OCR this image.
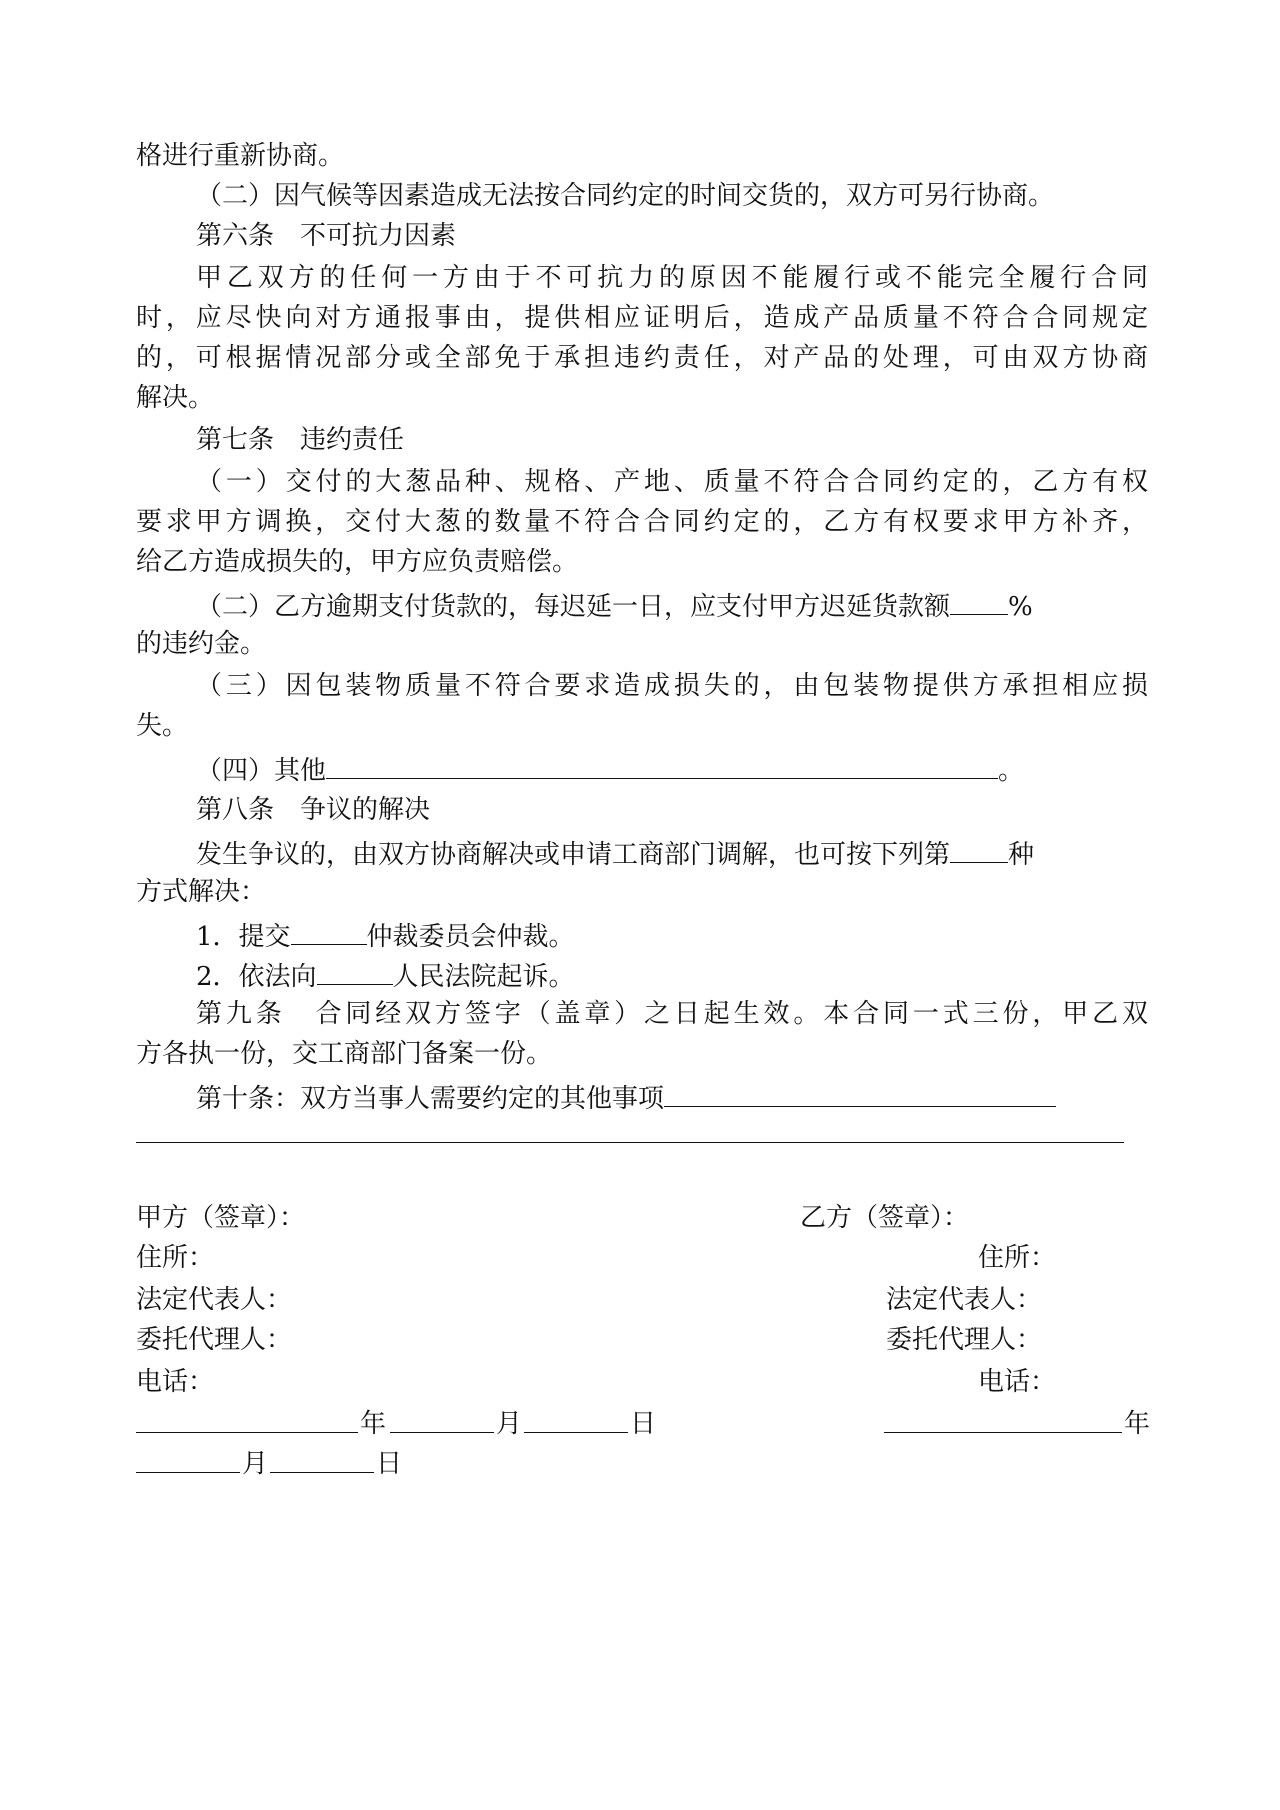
格进行重新协商。
（二）因气候等因素造成无法按合同约定的时间交货的，双方可另行协商。
第六条　不可抗力因素
甲乙双方的任何一方由于不可抗力的原因不能履行或不能完全履行合同
时，应尽快向对方通报事由，提供相应证明后，造成产品质量不符合合同规定
的，可根据情况部分或全部免于承担违约责任，对产品的处理，可由双方协商
解决。
第七条　违约责任
（一）交付的大葱品种、规格、产地、质量不符合合同约定的，乙方有权
要求甲方调换，交付大葱的数量不符合合同约定的，乙方有权要求甲方补齐，
给乙方造成损失的，甲方应负责赔偿。
（二）乙方逾期支付货款的，每迟延一日，应支付甲方迟延货款额 %
的违约金。
（三）因包装物质量不符合要求造成损失的，由包装物提供方承担相应损
失。
（四）其他	。
第八条　争议的解决
发生争议的，由双方协商解决或申请工商部门调解，也可按下列第 种
方式解决：
1．提交	仲裁委员会仲裁。
2．依法向	人民法院起诉。
第九条　合同经双方签字（盖章）之日起生效。本合同一式三份，甲乙双
方各执一份，交工商部门备案一份。
第十条：双方当事人需要约定的其他事项
甲方（签章）：	乙方（签章）：
住所：	住所：
法定代表人：	法定代表人：
委托代理人：	委托代理人：
电话：	电话：
年	月	日	年
月	日
